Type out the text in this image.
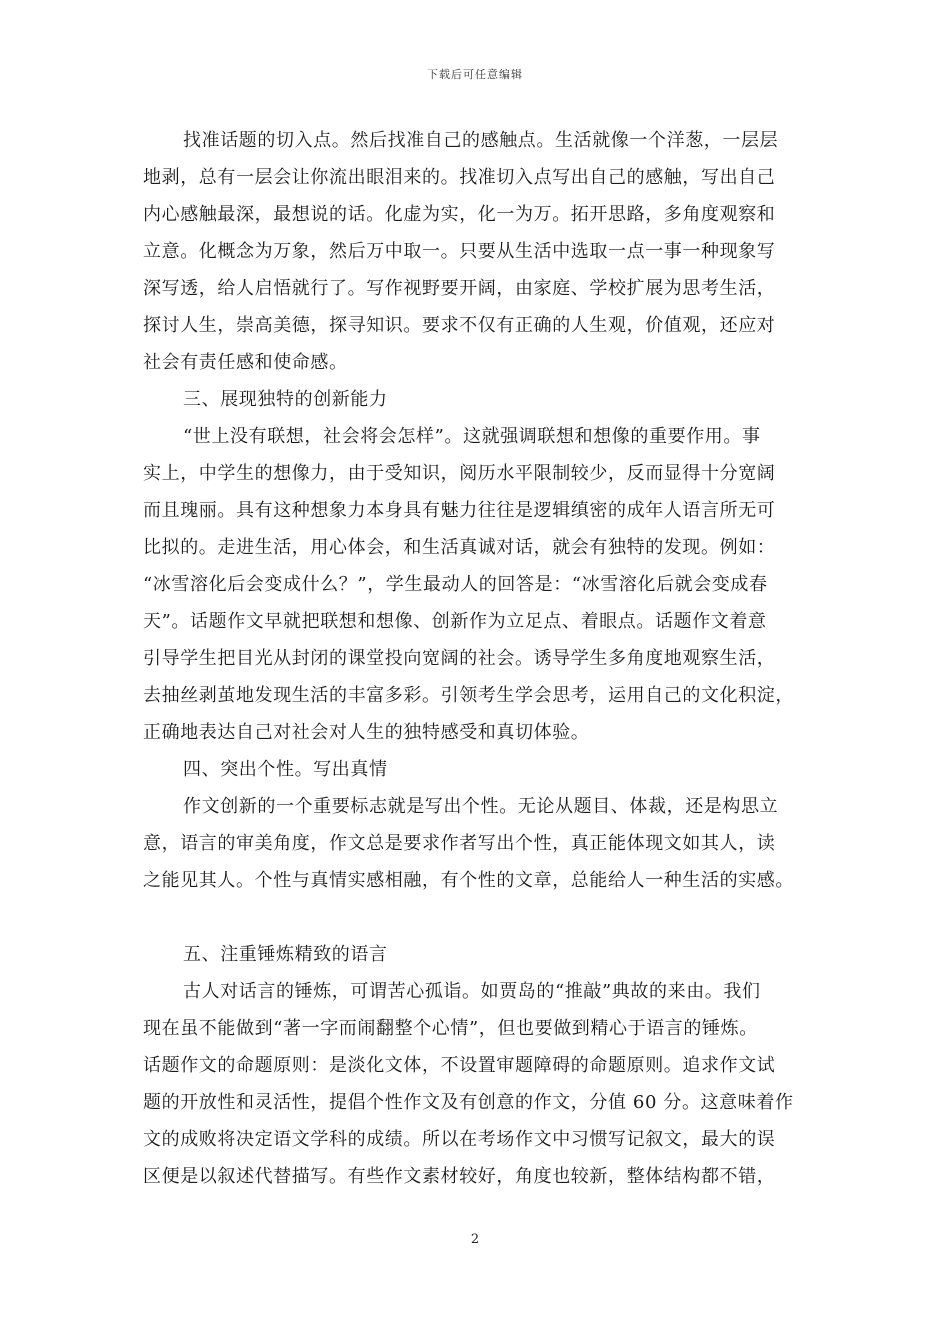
下载后可任意编辑
找准话题的切入点。然后找准自己的感触点。生活就像一个洋葱，一层层
地剥，总有一层会让你流出眼泪来的。找准切入点写出自己的感触，写出自己
内心感触最深，最想说的话。化虚为实，化一为万。拓开思路，多角度观察和
立意。化概念为万象，然后万中取一。只要从生活中选取一点一事一种现象写
深写透，给人启悟就行了。写作视野要开阔，由家庭、学校扩展为思考生活，
探讨人生，崇高美德，探寻知识。要求不仅有正确的人生观，价值观，还应对
社会有责任感和使命感。
三、展现独特的创新能力
“世上没有联想，社会将会怎样”。这就强调联想和想像的重要作用。事
实上，中学生的想像力，由于受知识，阅历水平限制较少，反而显得十分宽阔
而且瑰丽。具有这种想象力本身具有魅力往往是逻辑缜密的成年人语言所无可
比拟的。走进生活，用心体会，和生活真诚对话，就会有独特的发现。例如：
“冰雪溶化后会变成什么？”，学生最动人的回答是：“冰雪溶化后就会变成春
天”。话题作文早就把联想和想像、创新作为立足点、着眼点。话题作文着意
引导学生把目光从封闭的课堂投向宽阔的社会。诱导学生多角度地观察生活，
去抽丝剥茧地发现生活的丰富多彩。引领考生学会思考，运用自己的文化积淀，
正确地表达自己对社会对人生的独特感受和真切体验。
四、突出个性。写出真情
作文创新的一个重要标志就是写出个性。无论从题目、体裁，还是构思立
意，语言的审美角度，作文总是要求作者写出个性，真正能体现文如其人，读
之能见其人。个性与真情实感相融，有个性的文章，总能给人一种生活的实感。
五、注重锤炼精致的语言
古人对话言的锤炼，可谓苦心孤诣。如贾岛的“推敲”典故的来由。我们
现在虽不能做到“著一字而闹翻整个心情”，但也要做到精心于语言的锤炼。
话题作文的命题原则：是淡化文体，不设置审题障碍的命题原则。追求作文试
题的开放性和灵活性，提倡个性作文及有创意的作文，分值 60 分。这意味着作
文的成败将决定语文学科的成绩。所以在考场作文中习惯写记叙文，最大的误
区便是以叙述代替描写。有些作文素材较好，角度也较新，整体结构都不错，
2
